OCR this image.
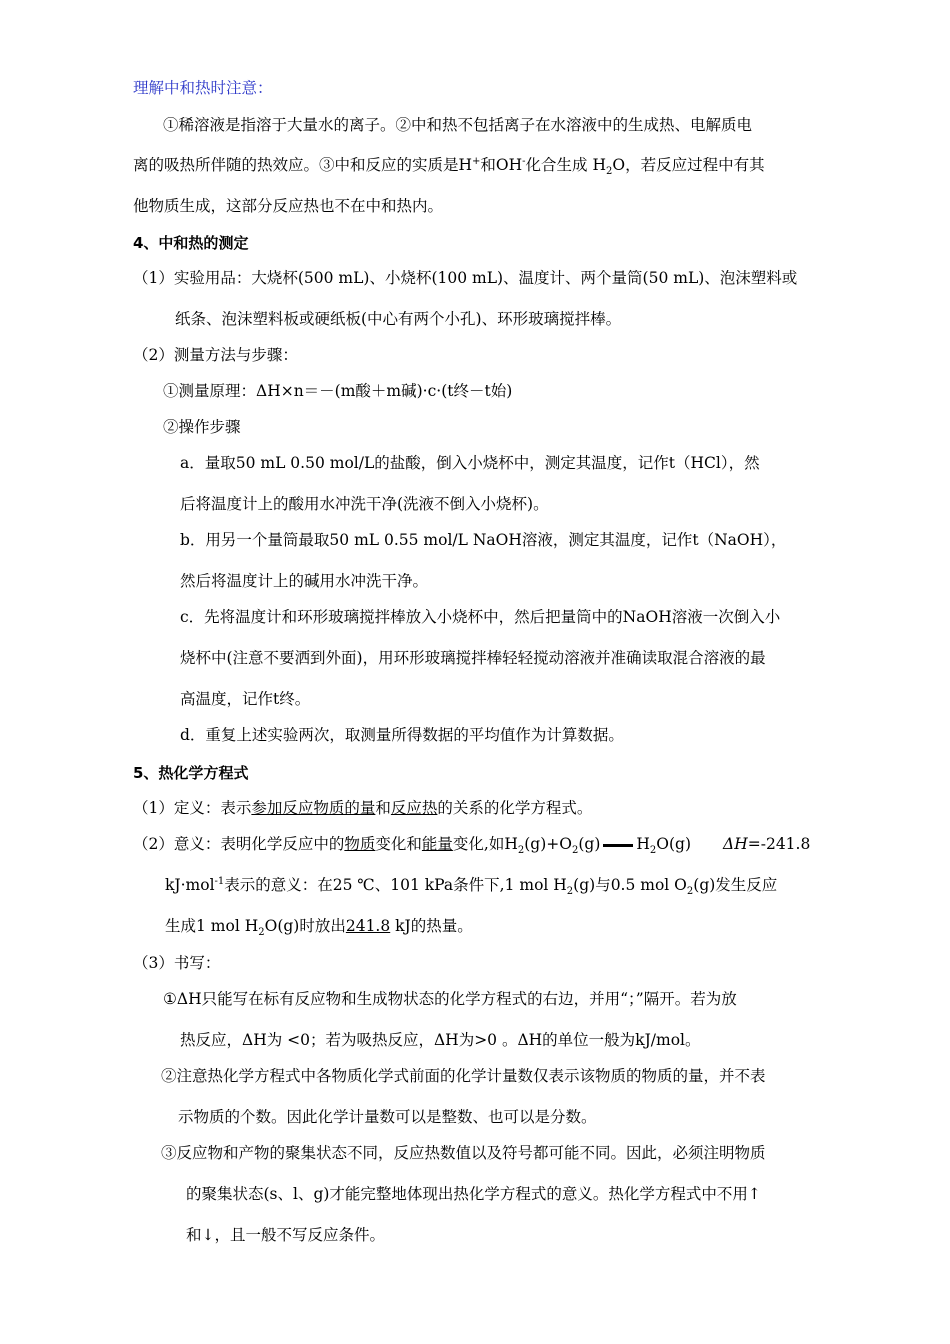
理解中和热时注意：
①稀溶液是指溶于大量水的离子。②中和热不包括离子在水溶液中的生成热、电解质电
离的吸热所伴随的热效应。③中和反应的实质是H+和OH-化合生成 $H_2O$，若反应过程中有其
他物质生成，这部分反应热也不在中和热内。
4、中和热的测定
（1）实验用品：大烧杯(500 mL)、小烧杯(100 mL)、温度计、两个量筒(50 mL)、泡沫塑料或
纸条、泡沫塑料板或硬纸板(中心有两个小孔)、环形玻璃搅拌棒。
（2）测量方法与步骤：
①测量原理：ΔH×n＝－(m酸＋m碱)·c·(t终－t始)
②操作步骤
a．量取50 mL 0.50 mol/L的盐酸，倒入小烧杯中，测定其温度，记作t（HCl），然
后将温度计上的酸用水冲洗干净(洗液不倒入小烧杯)。
b．用另一个量筒最取50 mL 0.55 mol/L NaOH溶液，测定其温度，记作t（NaOH），
然后将温度计上的碱用水冲洗干净。
c．先将温度计和环形玻璃搅拌棒放入小烧杯中，然后把量筒中的NaOH溶液一次倒入小
烧杯中(注意不要洒到外面)，用环形玻璃搅拌棒轻轻搅动溶液并准确读取混合溶液的最
高温度，记作t终。
d．重复上述实验两次，取测量所得数据的平均值作为计算数据。
5、热化学方程式
（1）定义：表示参加反应物质的量和反应热的关系的化学方程式。
（2）意义：表明化学反应中的物质变化和能量变化,如$H_2(g)+O_2(g)$ $H_2O(g)$ ΔH=-241.8
kJ·mol$^{-1}$表示的意义：在25 ℃、101 kPa条件下,1 mol $H_2(g)$与0.5 mol $O_2(g)$发生反应
生成1 mol $H_2O(g)$时放出241.8 kJ的热量。
（3）书写：
①ΔH只能写在标有反应物和生成物状态的化学方程式的右边，并用“；”隔开。若为放
热反应，ΔH为 <0；若为吸热反应，ΔH为>0 。ΔH的单位一般为kJ/mol。
②注意热化学方程式中各物质化学式前面的化学计量数仅表示该物质的物质的量，并不表
示物质的个数。因此化学计量数可以是整数、也可以是分数。
③反应物和产物的聚集状态不同，反应热数值以及符号都可能不同。因此，必须注明物质
的聚集状态(s、l、g)才能完整地体现出热化学方程式的意义。热化学方程式中不用↑
和↓，且一般不写反应条件。
